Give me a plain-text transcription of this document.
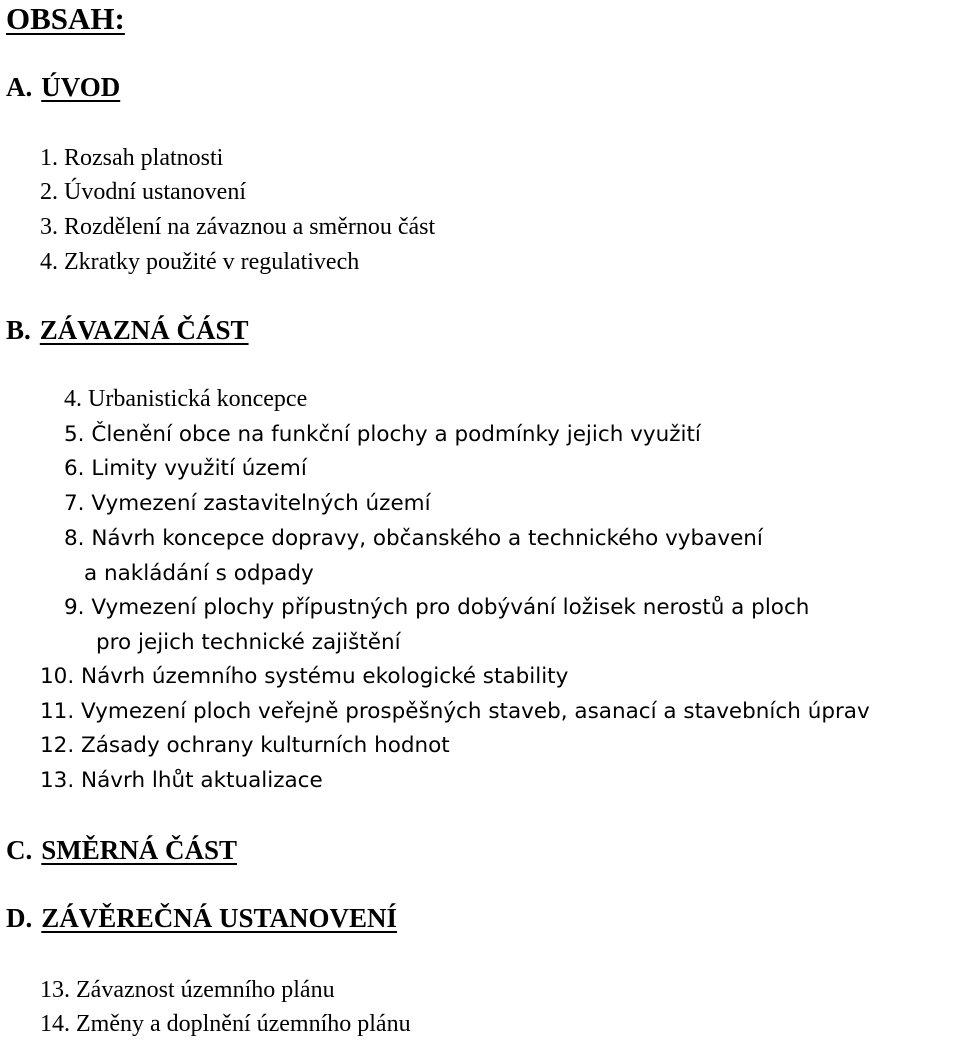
OBSAH:
A. ÚVOD
1. Rozsah platnosti
2. Úvodní ustanovení
3. Rozdělení na závaznou a směrnou část
4. Zkratky použité v regulativech
B. ZÁVAZNÁ ČÁST
4. Urbanistická koncepce
5. Členění obce na funkční plochy a podmínky jejich využití
6. Limity využití území
7. Vymezení zastavitelných území
8. Návrh koncepce dopravy, občanského a technického vybavení
a nakládání s odpady
9. Vymezení plochy přípustných pro dobývání ložisek nerostů a ploch
pro jejich technické zajištění
10. Návrh územního systému ekologické stability
11. Vymezení ploch veřejně prospěšných staveb, asanací a stavebních úprav
12. Zásady ochrany kulturních hodnot
13. Návrh lhůt aktualizace
C. SMĚRNÁ ČÁST
D. ZÁVĚREČNÁ USTANOVENÍ
13. Závaznost územního plánu
14. Změny a doplnění územního plánu
